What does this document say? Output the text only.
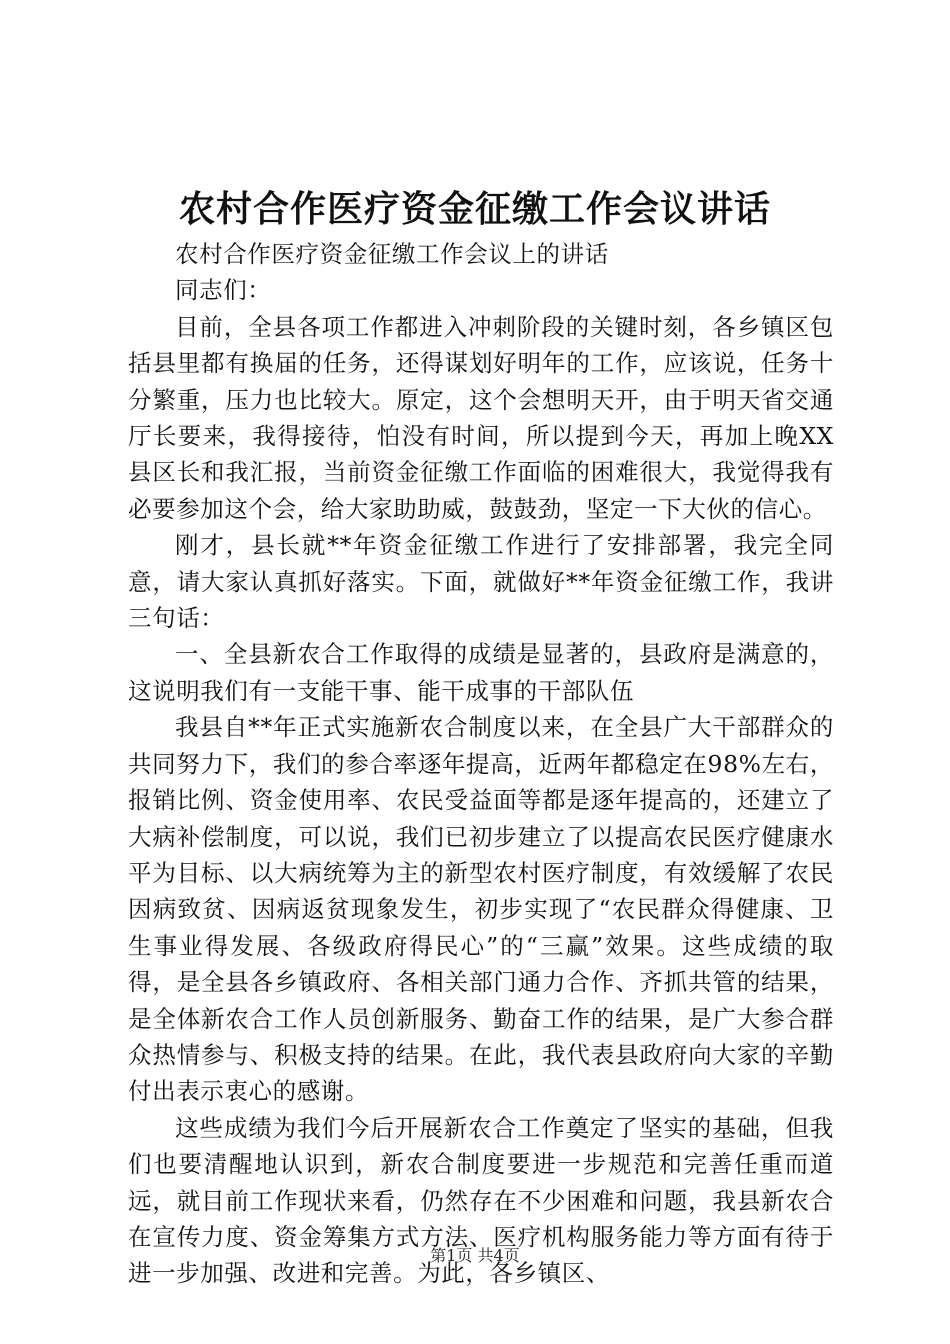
农村合作医疗资金征缴工作会议讲话

农村合作医疗资金征缴工作会议上的讲话

同志们：

目前，全县各项工作都进入冲刺阶段的关键时刻，各乡镇区包括县里都有换届的任务，还得谋划好明年的工作，应该说，任务十分繁重，压力也比较大。原定，这个会想明天开，由于明天省交通厅长要来，我得接待，怕没有时间，所以提到今天，再加上晚XX县区长和我汇报，当前资金征缴工作面临的困难很大，我觉得我有必要参加这个会，给大家助助威，鼓鼓劲，坚定一下大伙的信心。

刚才，县长就**年资金征缴工作进行了安排部署，我完全同意，请大家认真抓好落实。下面，就做好**年资金征缴工作，我讲三句话：

一、全县新农合工作取得的成绩是显著的，县政府是满意的，这说明我们有一支能干事、能干成事的干部队伍

我县自**年正式实施新农合制度以来，在全县广大干部群众的共同努力下，我们的参合率逐年提高，近两年都稳定在98%左右，报销比例、资金使用率、农民受益面等都是逐年提高的，还建立了大病补偿制度，可以说，我们已初步建立了以提高农民医疗健康水平为目标、以大病统筹为主的新型农村医疗制度，有效缓解了农民因病致贫、因病返贫现象发生，初步实现了“农民群众得健康、卫生事业得发展、各级政府得民心”的“三赢”效果。这些成绩的取得，是全县各乡镇政府、各相关部门通力合作、齐抓共管的结果，是全体新农合工作人员创新服务、勤奋工作的结果，是广大参合群众热情参与、积极支持的结果。在此，我代表县政府向大家的辛勤付出表示衷心的感谢。

这些成绩为我们今后开展新农合工作奠定了坚实的基础，但我们也要清醒地认识到，新农合制度要进一步规范和完善任重而道远，就目前工作现状来看，仍然存在不少困难和问题，我县新农合在宣传力度、资金筹集方式方法、医疗机构服务能力等方面有待于进一步加强、改进和完善。为此，各乡镇区、

第1页 共4页
